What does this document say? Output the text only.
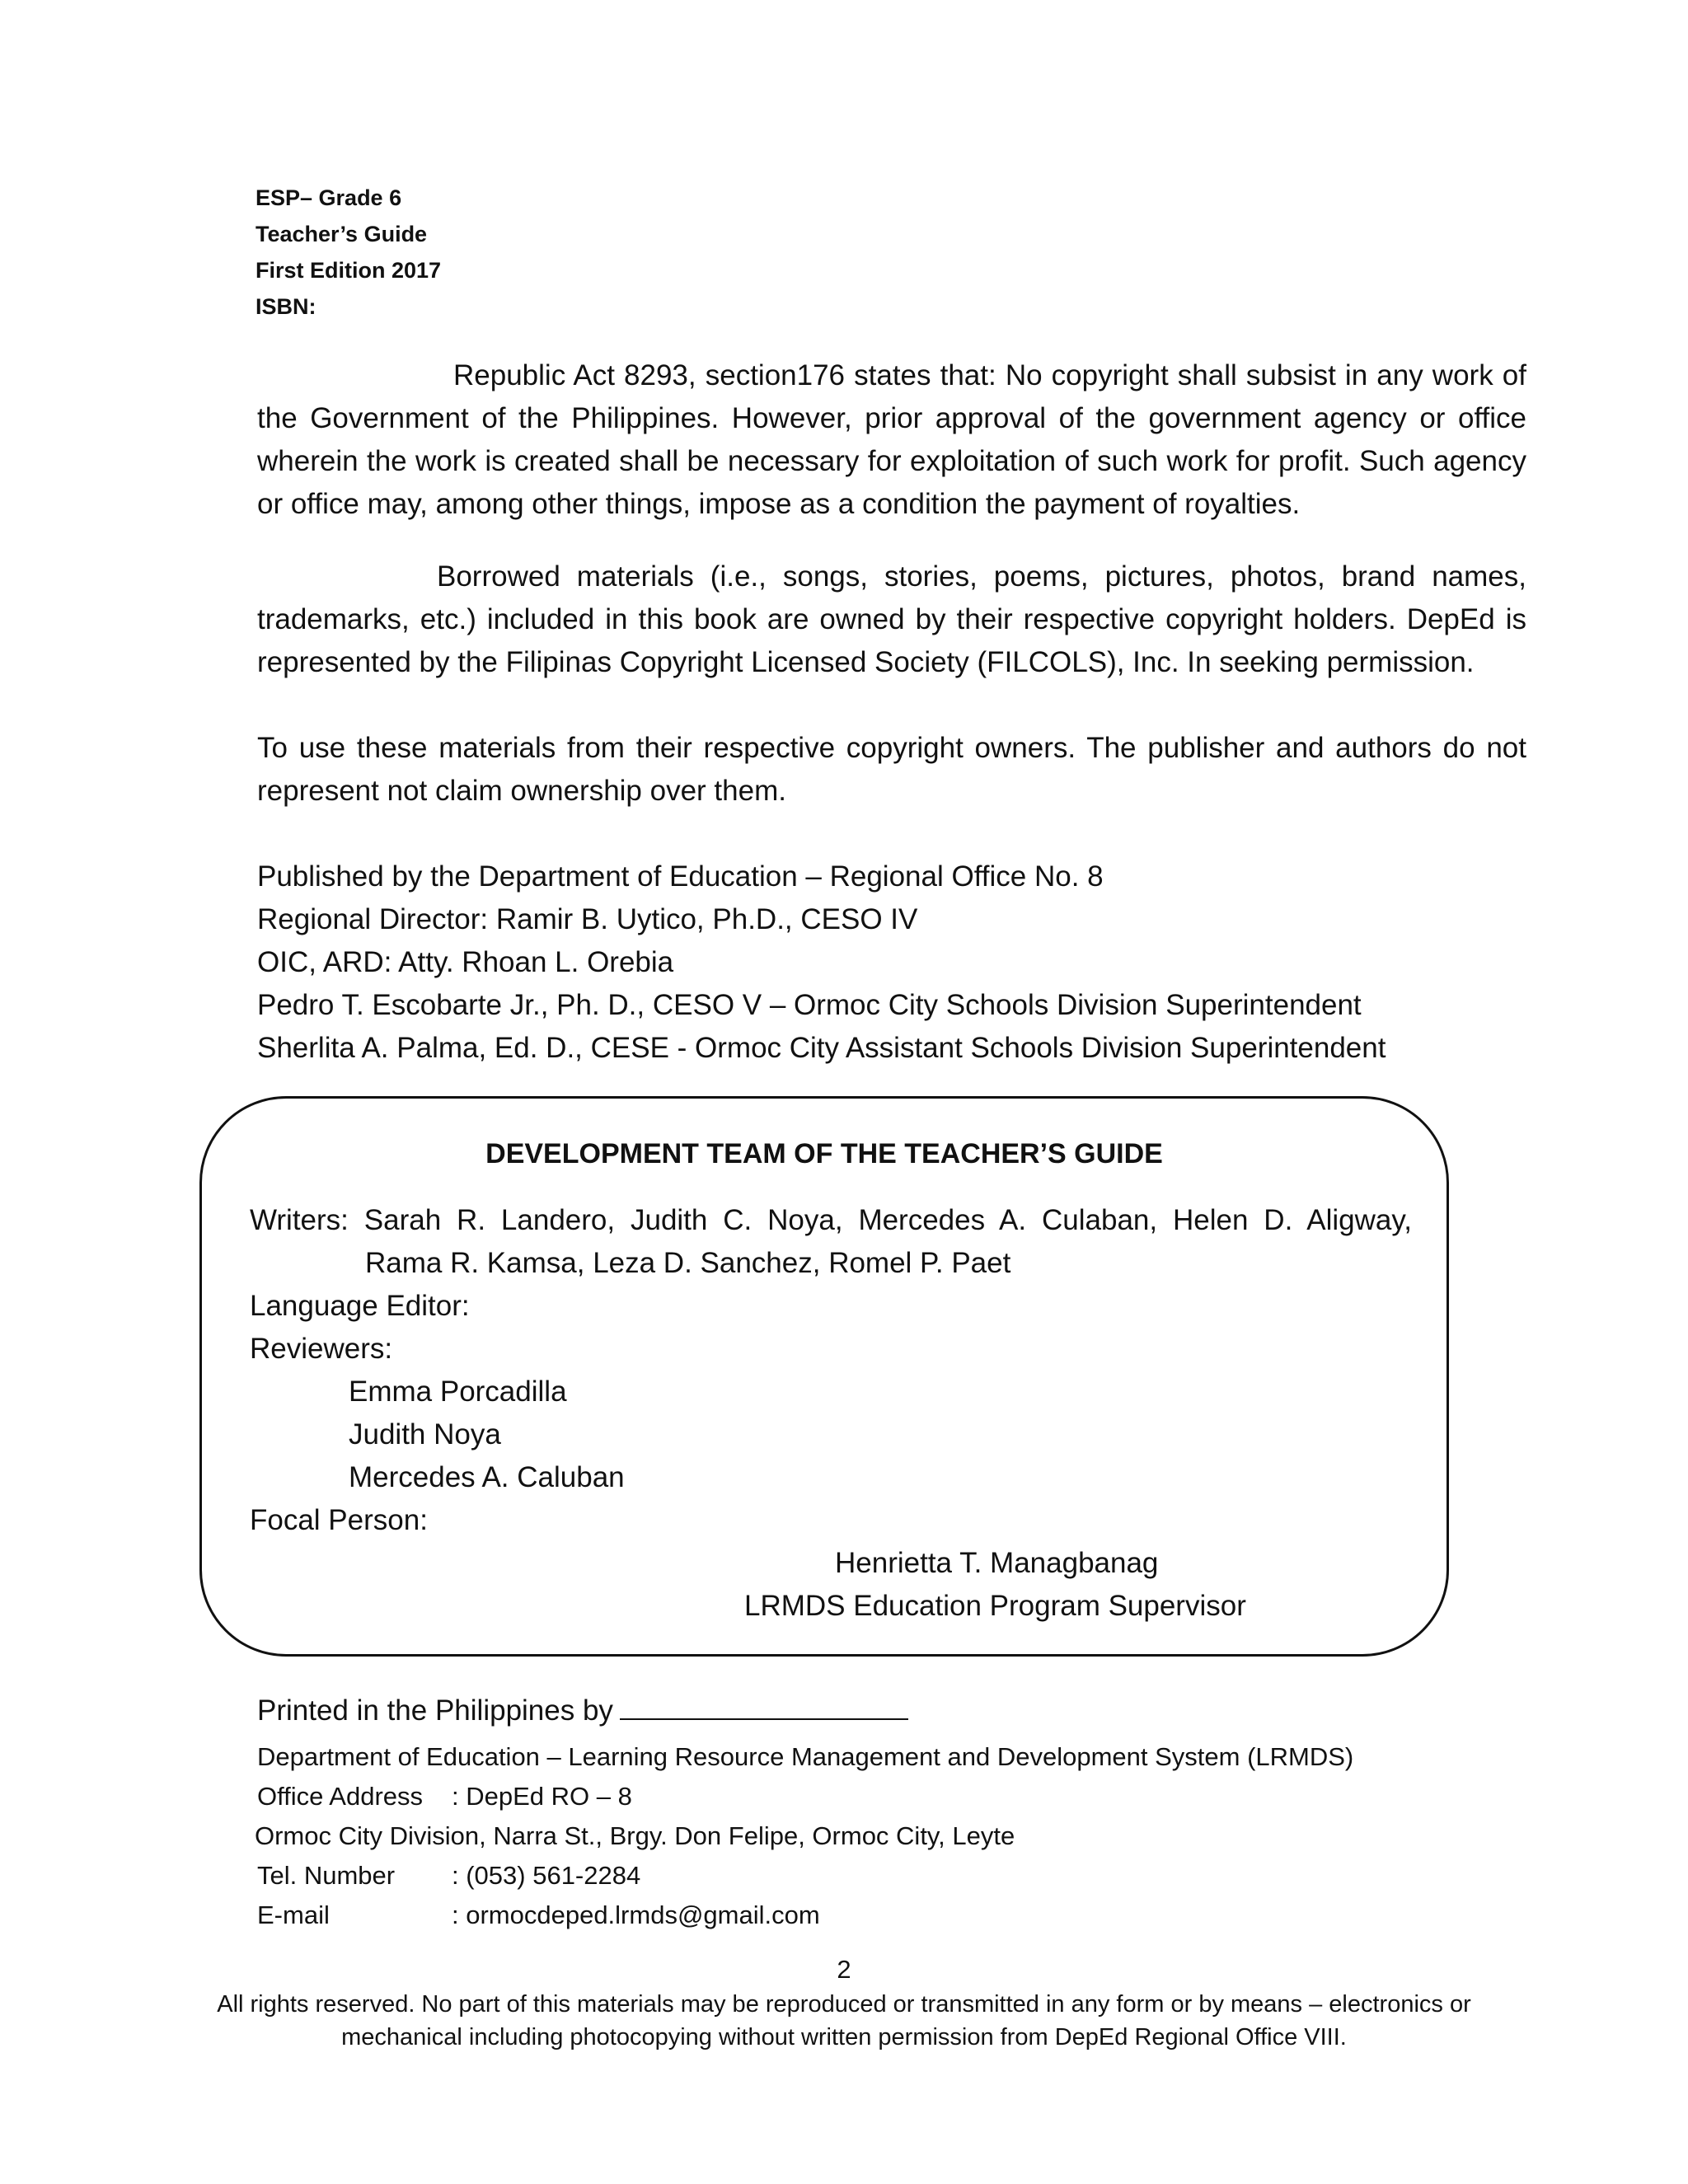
ESP– Grade 6
Teacher’s Guide
First Edition 2017
ISBN:
Republic Act 8293, section176 states that: No copyright shall subsist in any work of the Government of the Philippines. However, prior approval of the government agency or office wherein the work is created shall be necessary for exploitation of such work for profit. Such agency or office may, among other things, impose as a condition the payment of royalties.
Borrowed materials (i.e., songs, stories, poems, pictures, photos, brand names, trademarks, etc.) included in this book are owned by their respective copyright holders. DepEd is represented by the Filipinas Copyright Licensed Society (FILCOLS), Inc. In seeking permission.
To use these materials from their respective copyright owners. The publisher and authors do not represent not claim ownership over them.
Published by the Department of Education – Regional Office No. 8
Regional Director: Ramir B. Uytico, Ph.D., CESO IV
OIC, ARD: Atty. Rhoan L. Orebia
Pedro T. Escobarte Jr., Ph. D., CESO V – Ormoc City Schools Division Superintendent
Sherlita A. Palma, Ed. D., CESE - Ormoc City Assistant Schools Division Superintendent
DEVELOPMENT TEAM OF THE TEACHER’S GUIDE
Writers: Sarah R. Landero, Judith C. Noya, Mercedes A. Culaban, Helen D. Aligway,
Rama R. Kamsa, Leza D. Sanchez, Romel P. Paet
Language Editor:
Reviewers:
Emma Porcadilla
Judith Noya
Mercedes A. Caluban
Focal Person:
Henrietta T. Managbanag
LRMDS Education Program Supervisor
Printed in the Philippines by
Department of Education – Learning Resource Management and Development System (LRMDS)
Office Address : DepEd RO – 8
Ormoc City Division, Narra St., Brgy. Don Felipe, Ormoc City, Leyte
Tel. Number : (053) 561-2284
E-mail	: ormocdeped.lrmds@gmail.com
2
All rights reserved. No part of this materials may be reproduced or transmitted in any form or by means – electronics or
mechanical including photocopying without written permission from DepEd Regional Office VIII.
